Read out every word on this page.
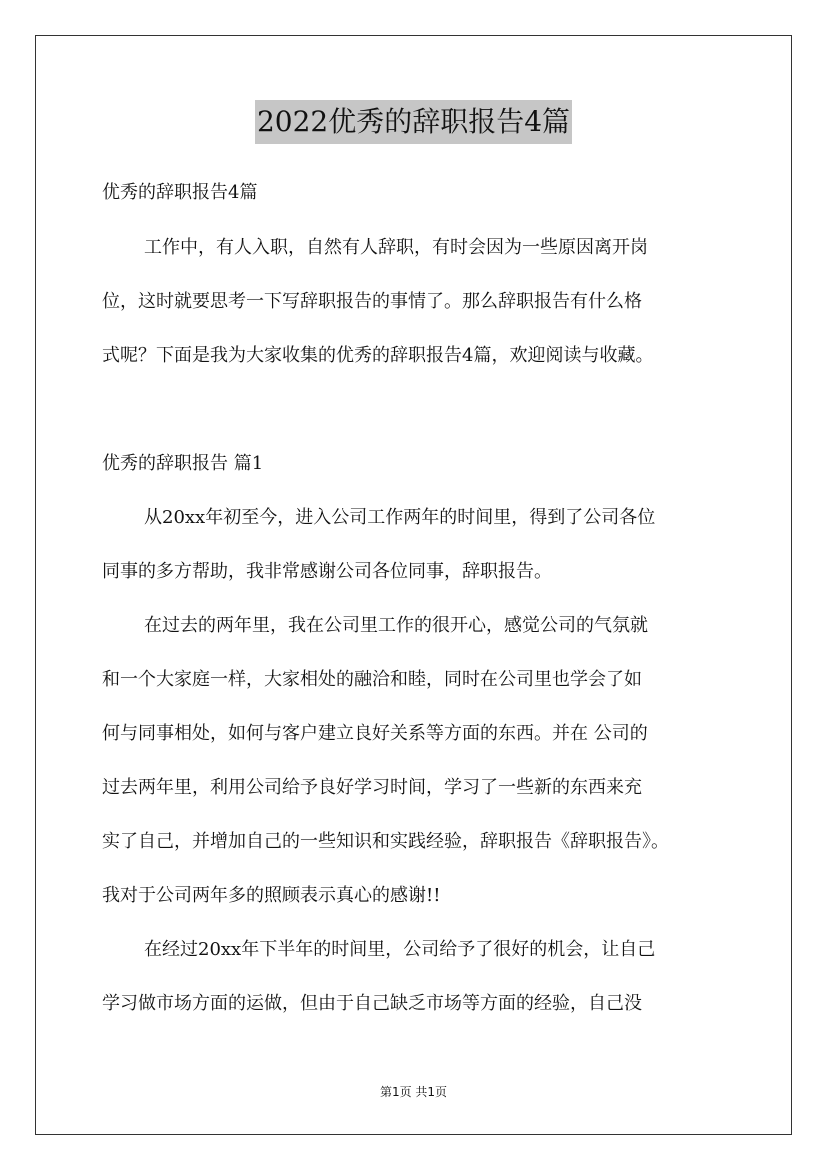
2022优秀的辞职报告4篇
优秀的辞职报告4篇
工作中，有人入职，自然有人辞职，有时会因为一些原因离开岗
位，这时就要思考一下写辞职报告的事情了。那么辞职报告有什么格
式呢？下面是我为大家收集的优秀的辞职报告4篇，欢迎阅读与收藏。
优秀的辞职报告 篇1
从20xx年初至今，进入公司工作两年的时间里，得到了公司各位
同事的多方帮助，我非常感谢公司各位同事，辞职报告。
在过去的两年里，我在公司里工作的很开心，感觉公司的气氛就
和一个大家庭一样，大家相处的融洽和睦，同时在公司里也学会了如
何与同事相处，如何与客户建立良好关系等方面的东西。并在 公司的
过去两年里，利用公司给予良好学习时间，学习了一些新的东西来充
实了自己，并增加自己的一些知识和实践经验，辞职报告《辞职报告》。
我对于公司两年多的照顾表示真心的感谢!!
在经过20xx年下半年的时间里，公司给予了很好的机会，让自己
学习做市场方面的运做，但由于自己缺乏市场等方面的经验，自己没
第1页 共1页
